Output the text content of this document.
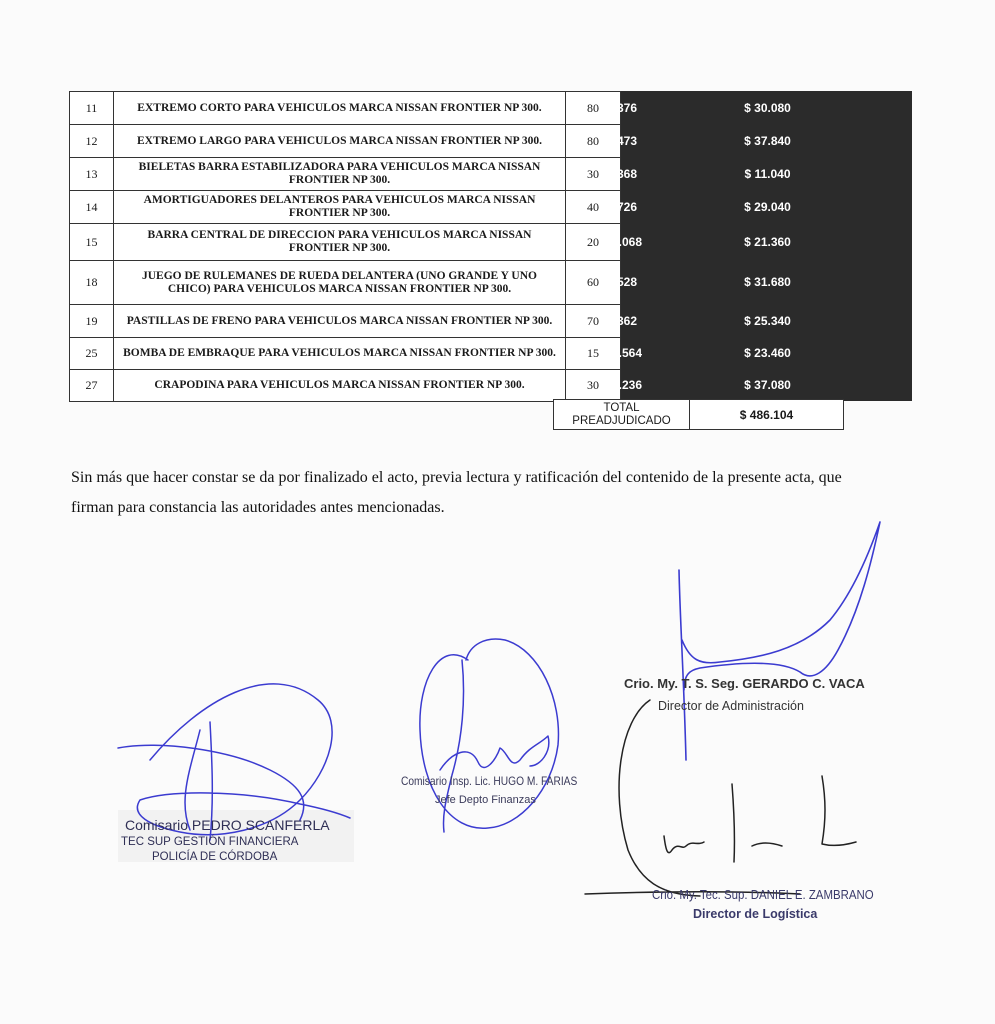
11	EXTREMO CORTO PARA VEHICULOS MARCA NISSAN FRONTIER NP 300.	80 $ 376	$ 30.080
12	EXTREMO LARGO PARA VEHICULOS MARCA NISSAN FRONTIER NP 300.	80 $ 473	$ 37.840
13	BIELETAS BARRA ESTABILIZADORA PARA VEHICULOS MARCA NISSAN FRONTIER NP 300.	30 $ 368	$ 11.040
14	AMORTIGUADORES DELANTEROS PARA VEHICULOS MARCA NISSAN FRONTIER NP 300.	40 $ 726	$ 29.040
15	BARRA CENTRAL DE DIRECCION PARA VEHICULOS MARCA NISSAN FRONTIER NP 300.	20 $ 1.068	$ 21.360
18	JUEGO DE RULEMANES DE RUEDA DELANTERA (UNO GRANDE Y UNO CHICO) PARA VEHICULOS MARCA NISSAN FRONTIER NP 300.	60 $ 528	$ 31.680
19	PASTILLAS DE FRENO PARA VEHICULOS MARCA NISSAN FRONTIER NP 300.	70 $ 362	$ 25.340
25	BOMBA DE EMBRAQUE PARA VEHICULOS MARCA NISSAN FRONTIER NP 300.	15 $ 1.564	$ 23.460
27	CRAPODINA PARA VEHICULOS MARCA NISSAN FRONTIER NP 300.	30 $ 1.236	$ 37.080
TOTAL PREADJUDICADO	$ 486.104
Sin más que hacer constar se da por finalizado el acto, previa lectura y ratificación del contenido de la presente acta, que firman para constancia las autoridades antes mencionadas.
Crio. My. T. S. Seg. GERARDO C. VACA
Director de Administración
Comisario Insp. Lic. HUGO M. FARIAS
Jefe Depto Finanzas
Comisario PEDRO SCANFERLA
TEC SUP GESTIÓN FINANCIERA
POLICÍA DE CÓRDOBA
Crio. My. Tec. Sup. DANIEL E. ZAMBRANO
Director de Logística
